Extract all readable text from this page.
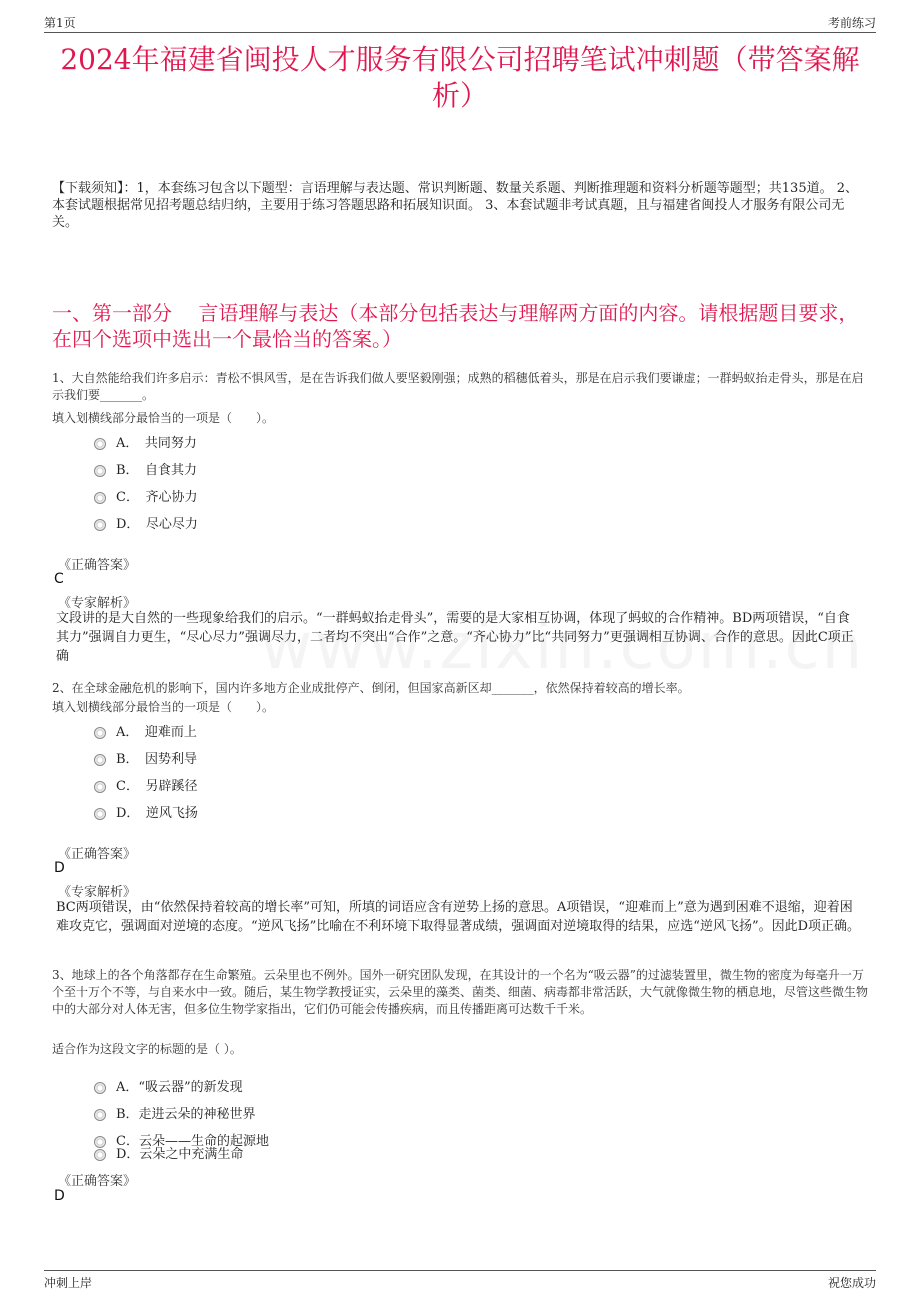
第1页	考前练习
2024年福建省闽投人才服务有限公司招聘笔试冲刺题（带答案解析）
【下载须知】：1，本套练习包含以下题型：言语理解与表达题、常识判断题、数量关系题、判断推理题和资料分析题等题型；共135道。 2、本套试题根据常见招考题总结归纳，主要用于练习答题思路和拓展知识面。 3、本套试题非考试真题，且与福建省闽投人才服务有限公司无关。
一、第一部分　 言语理解与表达（本部分包括表达与理解两方面的内容。请根据题目要求，在四个选项中选出一个最恰当的答案。）
1、大自然能给我们许多启示：青松不惧风雪，是在告诉我们做人要坚毅刚强；成熟的稻穗低着头，那是在启示我们要谦虚；一群蚂蚁抬走骨头，那是在启示我们要_______。
填入划横线部分最恰当的一项是（　　）。
A．　共同努力
B．　自食其力
C．　齐心协力
D．　尽心尽力
《正确答案》
C
《专家解析》
文段讲的是大自然的一些现象给我们的启示。“一群蚂蚁抬走骨头”，需要的是大家相互协调，体现了蚂蚁的合作精神。BD两项错误，“自食其力”强调自力更生，“尽心尽力”强调尽力，二者均不突出“合作”之意。“齐心协力”比“共同努力”更强调相互协调、合作的意思。因此C项正确
2、在全球金融危机的影响下，国内许多地方企业成批停产、倒闭，但国家高新区却_______，依然保持着较高的增长率。
填入划横线部分最恰当的一项是（　　）。
A．　迎难而上
B．　因势利导
C．　另辟蹊径
D．　逆风飞扬
《正确答案》
D
《专家解析》
BC两项错误，由“依然保持着较高的增长率”可知，所填的词语应含有逆势上扬的意思。A项错误，“迎难而上”意为遇到困难不退缩，迎着困难攻克它，强调面对逆境的态度。“逆风飞扬”比喻在不利环境下取得显著成绩，强调面对逆境取得的结果，应选“逆风飞扬”。因此D项正确。
3、地球上的各个角落都存在生命繁殖。云朵里也不例外。国外一研究团队发现，在其设计的一个名为“吸云器”的过滤装置里，微生物的密度为每毫升一万个至十万个不等，与自来水中一致。随后，某生物学教授证实，云朵里的藻类、菌类、细菌、病毒都非常活跃，大气就像微生物的栖息地，尽管这些微生物中的大部分对人体无害，但多位生物学家指出，它们仍可能会传播疾病，而且传播距离可达数千千米。
适合作为这段文字的标题的是（ ）。
A．“吸云器”的新发现
B．走进云朵的神秘世界
C．云朵——生命的起源地
D．云朵之中充满生命
《正确答案》
D
冲刺上岸	祝您成功
